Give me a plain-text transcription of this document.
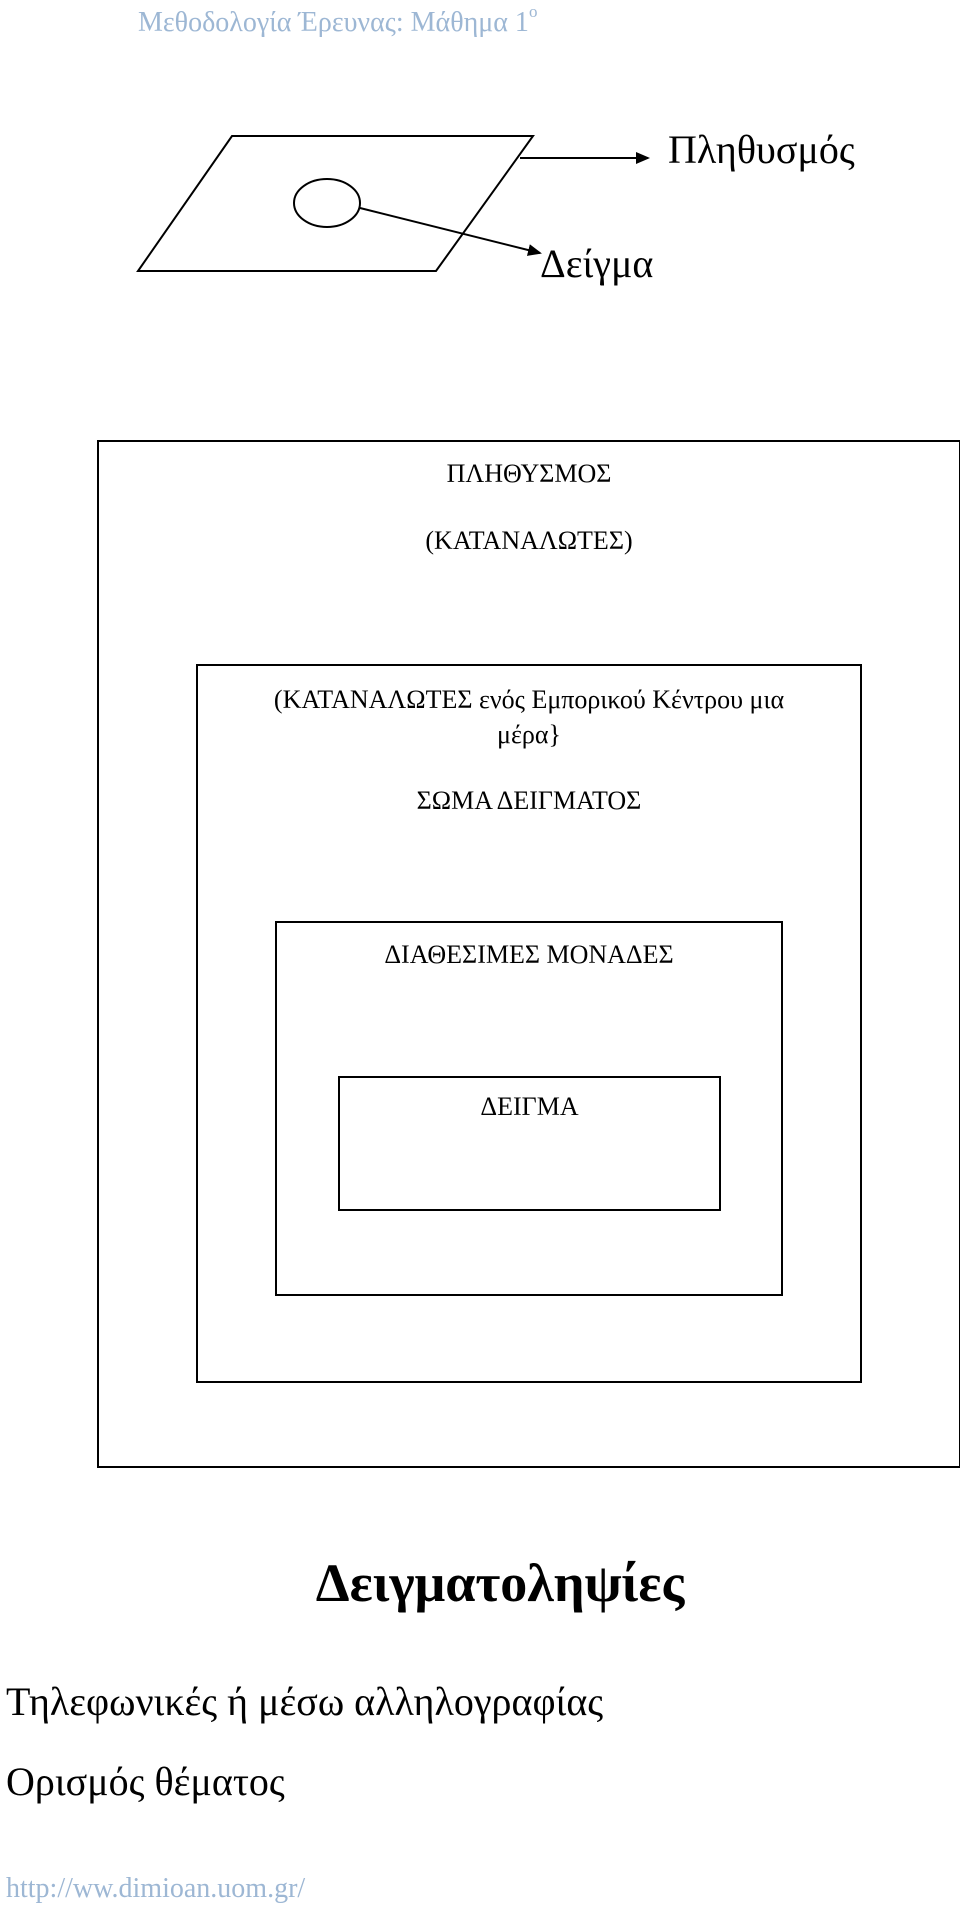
Μεθοδολογία Έρευνας: Μάθημα $1^o$
Πληθυσμός
Δείγμα
ΠΛΗΘΥΣΜΟΣ
(ΚΑΤΑΝΑΛΩΤΕΣ)
(ΚΑΤΑΝΑΛΩΤΕΣ ενός Εμπορικού Κέντρου μια
μέρα}
ΣΩΜΑ ΔΕΙΓΜΑΤΟΣ
ΔΙΑΘΕΣΙΜΕΣ ΜΟΝΑΔΕΣ
ΔΕΙΓΜΑ
Δειγματοληψίες
Τηλεφωνικές ή μέσω αλληλογραφίας
Ορισμός θέματος
http://ww.dimioan.uom.gr/
